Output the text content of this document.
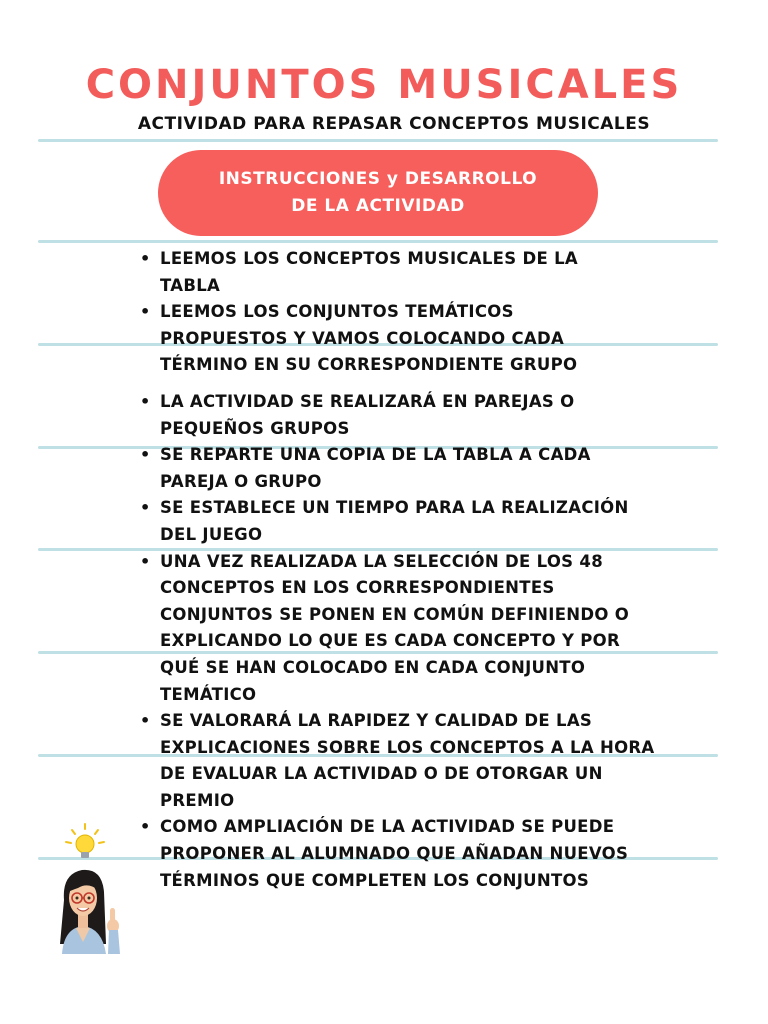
CONJUNTOS MUSICALES
ACTIVIDAD PARA REPASAR CONCEPTOS MUSICALES
INSTRUCCIONES y DESARROLLO
DE LA ACTIVIDAD
• LEEMOS LOS CONCEPTOS MUSICALES DE LA
TABLA
• LEEMOS LOS CONJUNTOS TEMÁTICOS
PROPUESTOS Y VAMOS COLOCANDO CADA
TÉRMINO EN SU CORRESPONDIENTE GRUPO
• LA ACTIVIDAD SE REALIZARÁ EN PAREJAS O
PEQUEÑOS GRUPOS
• SE REPARTE UNA COPIA DE LA TABLA A CADA
PAREJA O GRUPO
• SE ESTABLECE UN TIEMPO PARA LA REALIZACIÓN
DEL JUEGO
• UNA VEZ REALIZADA LA SELECCIÓN DE LOS 48
CONCEPTOS EN LOS CORRESPONDIENTES
CONJUNTOS SE PONEN EN COMÚN DEFINIENDO O
EXPLICANDO LO QUE ES CADA CONCEPTO Y POR
QUÉ SE HAN COLOCADO EN CADA CONJUNTO
TEMÁTICO
• SE VALORARÁ LA RAPIDEZ Y CALIDAD DE LAS
EXPLICACIONES SOBRE LOS CONCEPTOS A LA HORA
DE EVALUAR LA ACTIVIDAD O DE OTORGAR UN
PREMIO
• COMO AMPLIACIÓN DE LA ACTIVIDAD SE PUEDE
PROPONER AL ALUMNADO QUE AÑADAN NUEVOS
TÉRMINOS QUE COMPLETEN LOS CONJUNTOS
